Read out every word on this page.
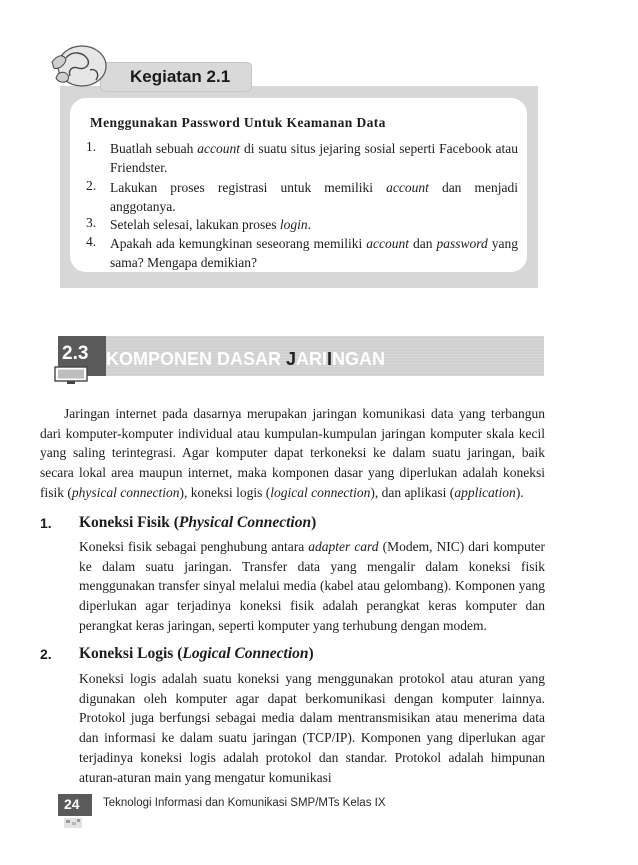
Kegiatan 2.1
Menggunakan Password Untuk Keamanan Data
1. Buatlah sebuah account di suatu situs jejaring sosial seperti Facebook atau Friendster.
2. Lakukan proses registrasi untuk memiliki account dan menjadi anggotanya.
3. Setelah selesai, lakukan proses login.
4. Apakah ada kemungkinan seseorang memiliki account dan password yang sama? Mengapa demikian?
2.3 KOMPONEN DASAR JARIINGAN KOMPUTER
Jaringan internet pada dasarnya merupakan jaringan komunikasi data yang terbangun dari komputer-komputer individual atau kumpulan-kumpulan jaringan komputer skala kecil yang saling terintegrasi. Agar komputer dapat terkoneksi ke dalam suatu jaringan, baik secara lokal area maupun internet, maka komponen dasar yang diperlukan adalah koneksi fisik (physical connection), koneksi logis (logical connection), dan aplikasi (application).
1. Koneksi Fisik (Physical Connection)
Koneksi fisik sebagai penghubung antara adapter card (Modem, NIC) dari komputer ke dalam suatu jaringan. Transfer data yang mengalir dalam koneksi fisik menggunakan transfer sinyal melalui media (kabel atau gelombang). Komponen yang diperlukan agar terjadinya koneksi fisik adalah perangkat keras komputer dan perangkat keras jaringan, seperti komputer yang terhubung dengan modem.
2. Koneksi Logis (Logical Connection)
Koneksi logis adalah suatu koneksi yang menggunakan protokol atau aturan yang digunakan oleh komputer agar dapat berkomunikasi dengan komputer lainnya. Protokol juga berfungsi sebagai media dalam mentransmisikan atau menerima data dan informasi ke dalam suatu jaringan (TCP/IP). Komponen yang diperlukan agar terjadinya koneksi logis adalah protokol dan standar. Protokol adalah himpunan aturan-aturan main yang mengatur komunikasi
24 Teknologi Informasi dan Komunikasi SMP/MTs Kelas IX
